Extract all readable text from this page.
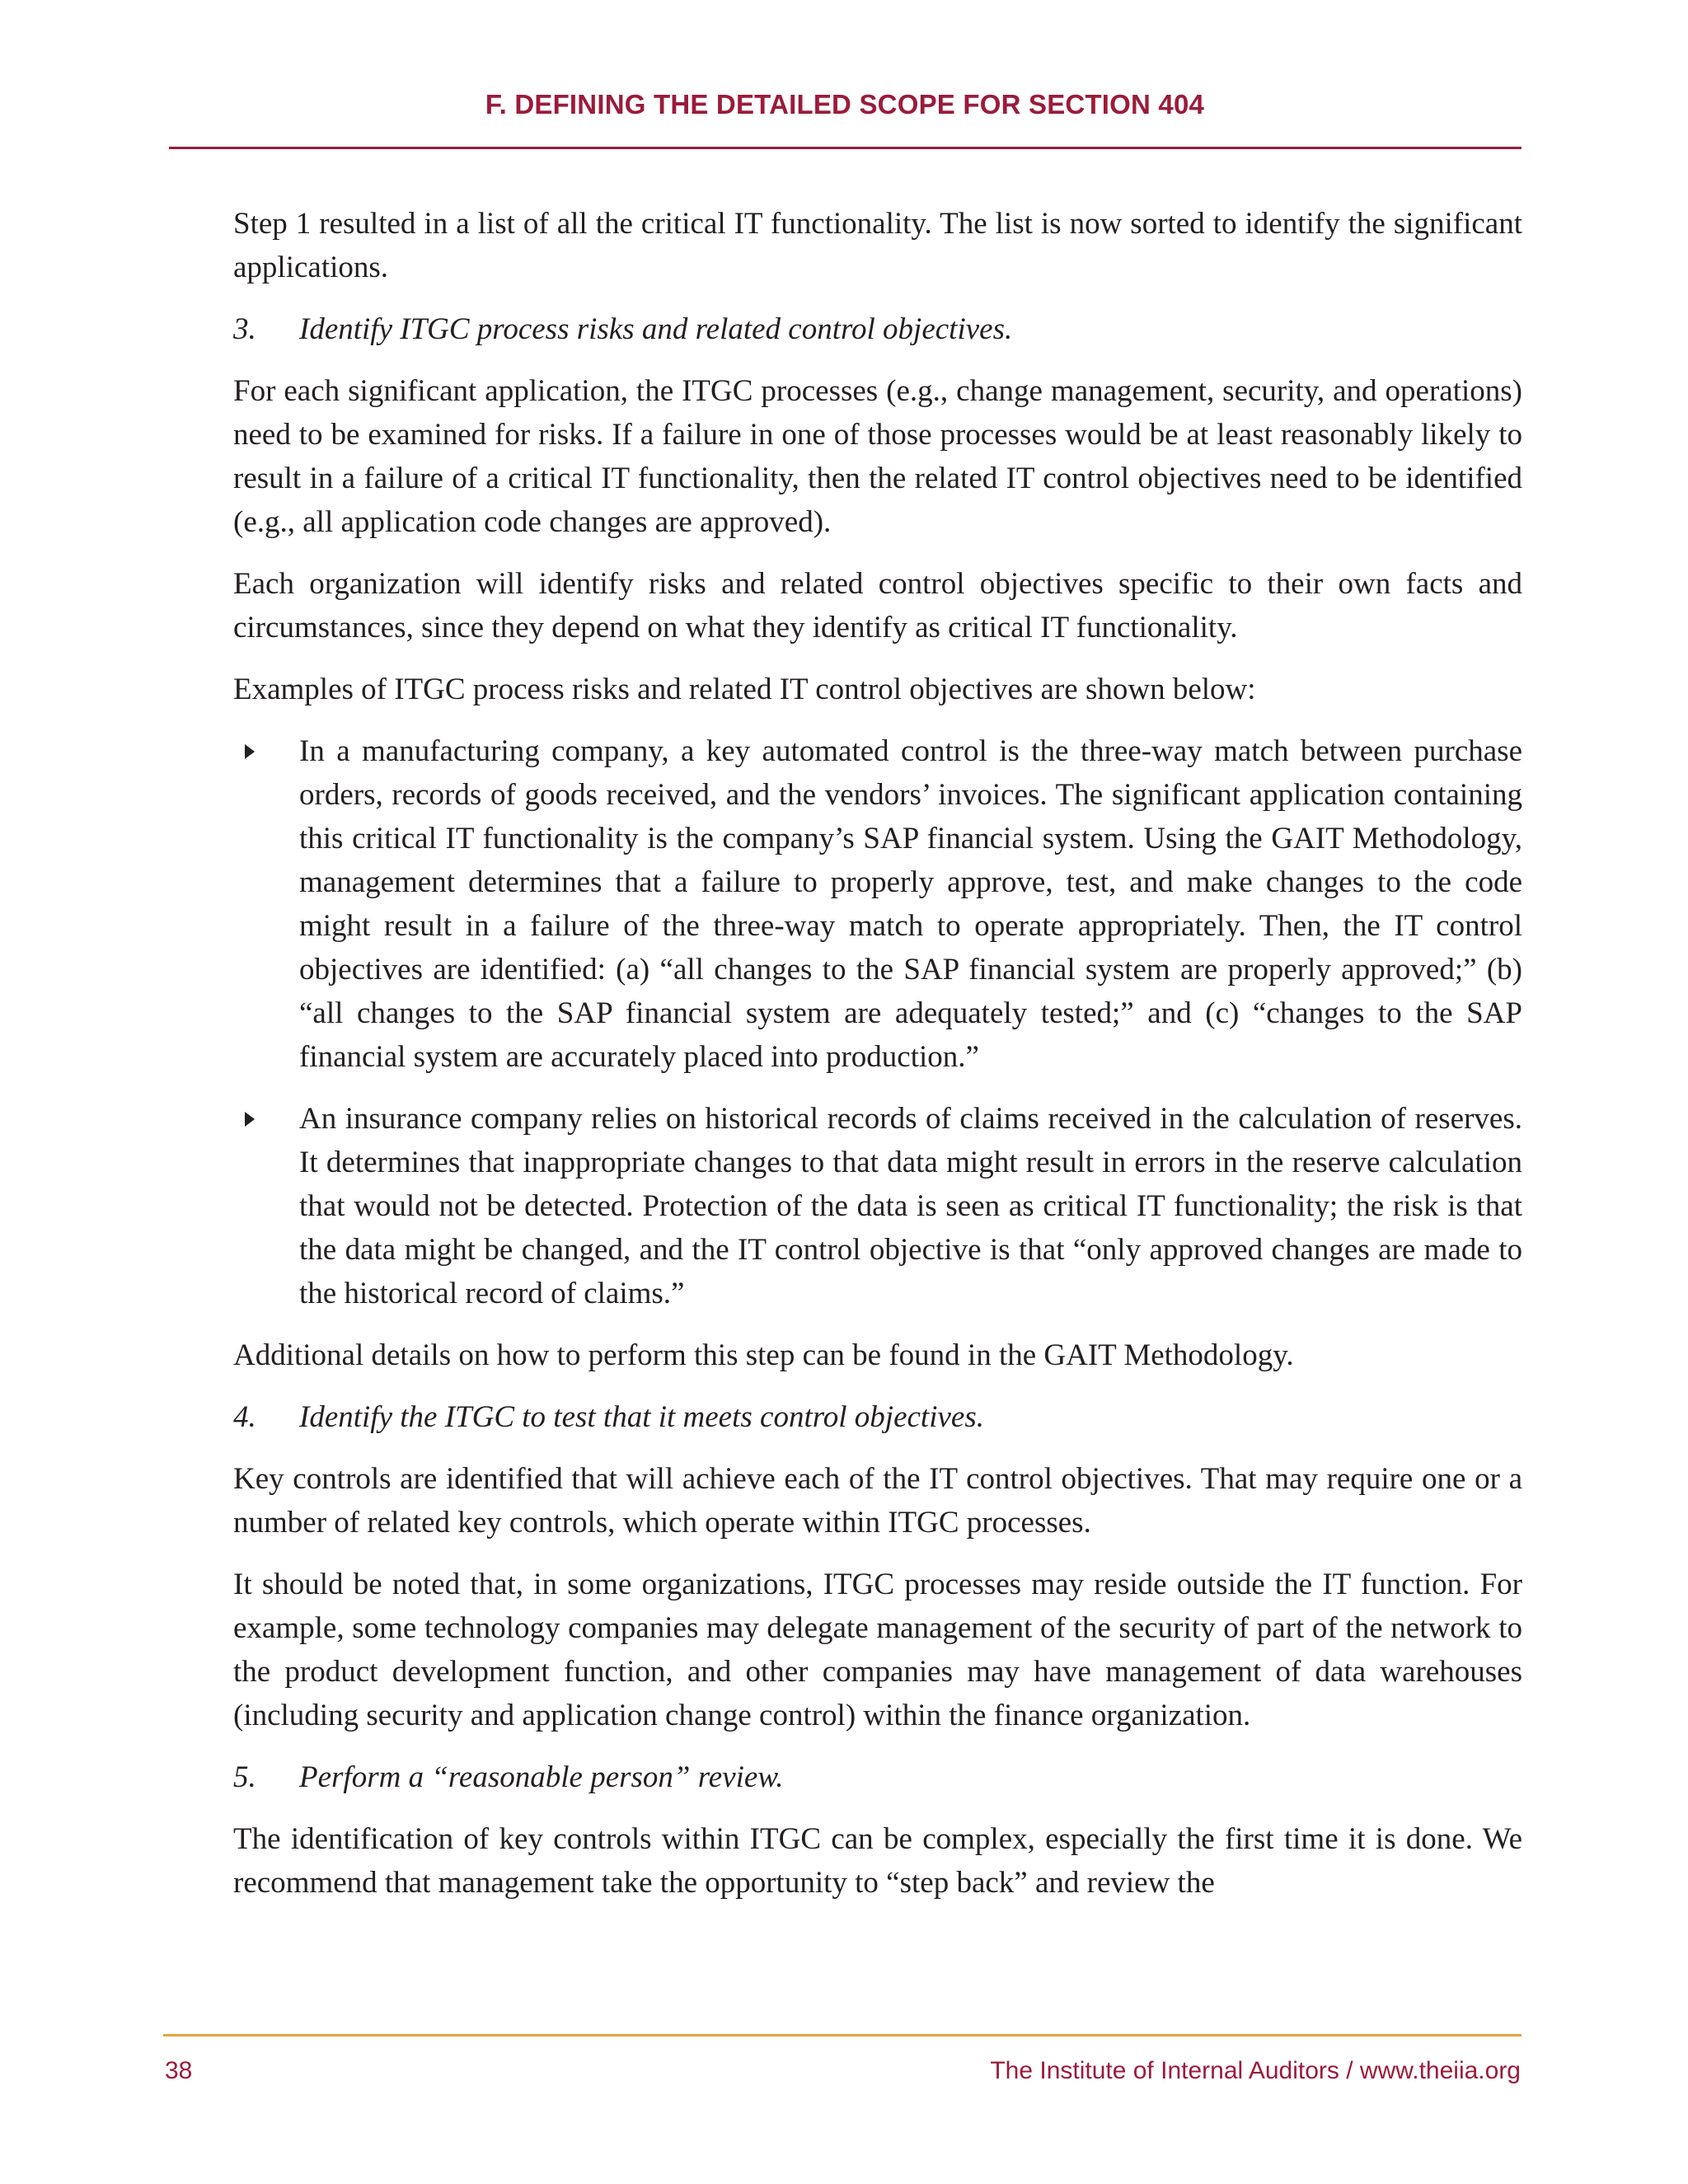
F. DEFINING THE DETAILED SCOPE FOR SECTION 404

Step 1 resulted in a list of all the critical IT functionality. The list is now sorted to identify the significant applications.

3.	Identify ITGC process risks and related control objectives.

For each significant application, the ITGC processes (e.g., change management, security, and operations) need to be examined for risks. If a failure in one of those processes would be at least reasonably likely to result in a failure of a critical IT functionality, then the related IT control objectives need to be identified (e.g., all application code changes are approved).

Each organization will identify risks and related control objectives specific to their own facts and circumstances, since they depend on what they identify as critical IT functionality.

Examples of ITGC process risks and related IT control objectives are shown below:

In a manufacturing company, a key automated control is the three-way match between purchase orders, records of goods received, and the vendors’ invoices. The significant application containing this critical IT functionality is the company’s SAP financial system. Using the GAIT Methodology, management determines that a failure to properly approve, test, and make changes to the code might result in a failure of the three-way match to operate appropriately. Then, the IT control objectives are identified: (a) “all changes to the SAP financial system are properly approved;” (b) “all changes to the SAP financial system are adequately tested;” and (c) “changes to the SAP financial system are accurately placed into production.”
An insurance company relies on historical records of claims received in the calculation of reserves. It determines that inappropriate changes to that data might result in errors in the reserve calculation that would not be detected. Protection of the data is seen as critical IT functionality; the risk is that the data might be changed, and the IT control objective is that “only approved changes are made to the historical record of claims.”

Additional details on how to perform this step can be found in the GAIT Methodology.

4.	Identify the ITGC to test that it meets control objectives.

Key controls are identified that will achieve each of the IT control objectives. That may require one or a number of related key controls, which operate within ITGC processes.

It should be noted that, in some organizations, ITGC processes may reside outside the IT function. For example, some technology companies may delegate management of the security of part of the network to the product development function, and other companies may have management of data warehouses (including security and application change control) within the finance organization.

5.	Perform a “reasonable person” review.

The identification of key controls within ITGC can be complex, especially the first time it is done. We recommend that management take the opportunity to “step back” and review the

38	The Institute of Internal Auditors / www.theiia.org
